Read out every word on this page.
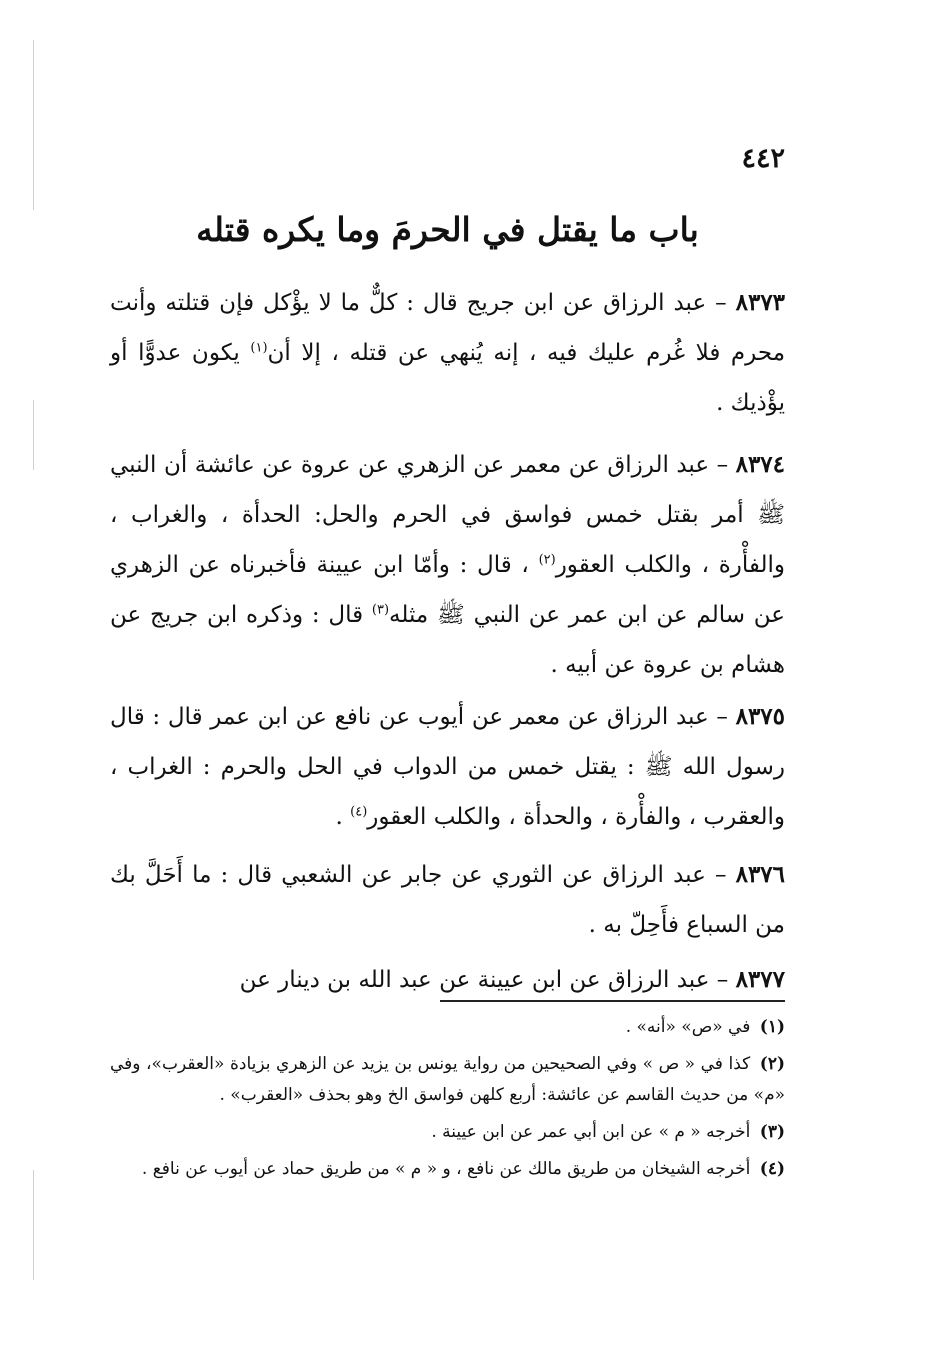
٤٤٢
باب ما يقتل في الحرمَ وما يكره قتله

٨٣٧٣ – عبد الرزاق عن ابن جريج قال : كلٌّ ما لا يؤْكل فإن قتلته وأنت محرم فلا غُرم عليك فيه ، إنه يُنهي عن قتله ، إلا أن$^{(١)}$ يكون عدوًّا أو يؤْذيك .

٨٣٧٤ – عبد الرزاق عن معمر عن الزهري عن عروة عن عائشة أن النبي ﷺ أمر بقتل خمس فواسق في الحرم والحل: الحدأة ، والغراب ، والفأْرة ، والكلب العقور$^{(٢)}$ ، قال : وأمّا ابن عيينة فأخبرناه عن الزهري عن سالم عن ابن عمر عن النبي ﷺ مثله$^{(٣)}$ قال : وذكره ابن جريج عن هشام بن عروة عن أبيه .

٨٣٧٥ – عبد الرزاق عن معمر عن أيوب عن نافع عن ابن عمر قال : قال رسول الله ﷺ : يقتل خمس من الدواب في الحل والحرم : الغراب ، والعقرب ، والفأْرة ، والحدأة ، والكلب العقور$^{(٤)}$ .

٨٣٧٦ – عبد الرزاق عن الثوري عن جابر عن الشعبي قال : ما أَحَلَّ بك من السباع فأَحِلّ به .

٨٣٧٧ – عبد الرزاق عن ابن عيينة عن عبد الله بن دينار عن

(١) في «ص» «أنه» .

(٢) كذا في « ص » وفي الصحيحين من رواية يونس بن يزيد عن الزهري بزيادة «العقرب»، وفي «م» من حديث القاسم عن عائشة: أربع كلهن فواسق الخ وهو بحذف «العقرب» .

(٣) أخرجه « م » عن ابن أبي عمر عن ابن عيينة .

(٤) أخرجه الشيخان من طريق مالك عن نافع ، و « م » من طريق حماد عن أيوب عن نافع .
